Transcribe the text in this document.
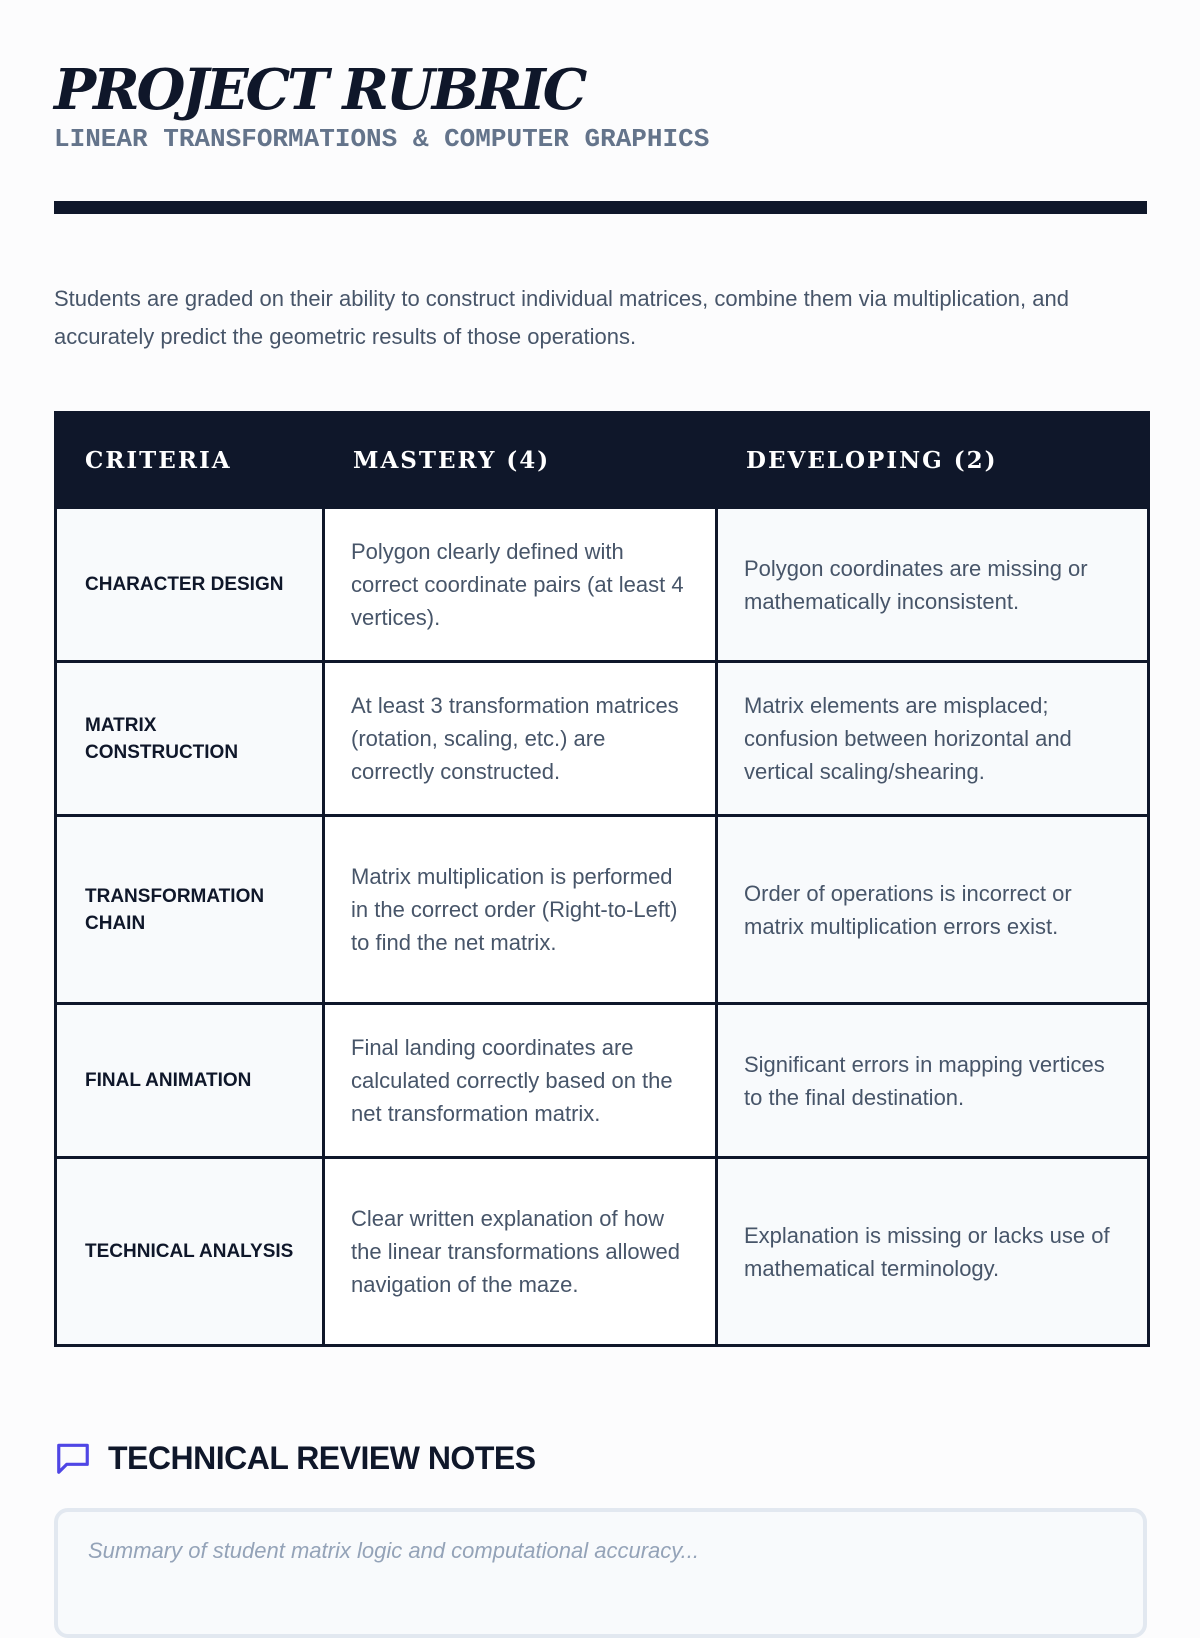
PROJECT RUBRIC
LINEAR TRANSFORMATIONS & COMPUTER GRAPHICS

Students are graded on their ability to construct individual matrices, combine them via multiplication, and accurately predict the geometric results of those operations.

CRITERIA	MASTERY (4)	DEVELOPING (2)
CHARACTER DESIGN	Polygon clearly defined with correct coordinate pairs (at least 4 vertices).	Polygon coordinates are missing or mathematically inconsistent.
MATRIX CONSTRUCTION	At least 3 transformation matrices (rotation, scaling, etc.) are correctly constructed.	Matrix elements are misplaced; confusion between horizontal and vertical scaling/shearing.
TRANSFORMATION CHAIN	Matrix multiplication is performed in the correct order (Right-to-Left) to find the net matrix.	Order of operations is incorrect or matrix multiplication errors exist.
FINAL ANIMATION	Final landing coordinates are calculated correctly based on the net transformation matrix.	Significant errors in mapping vertices to the final destination.
TECHNICAL ANALYSIS	Clear written explanation of how the linear transformations allowed navigation of the maze.	Explanation is missing or lacks use of mathematical terminology.
TECHNICAL REVIEW NOTES
Summary of student matrix logic and computational accuracy...
